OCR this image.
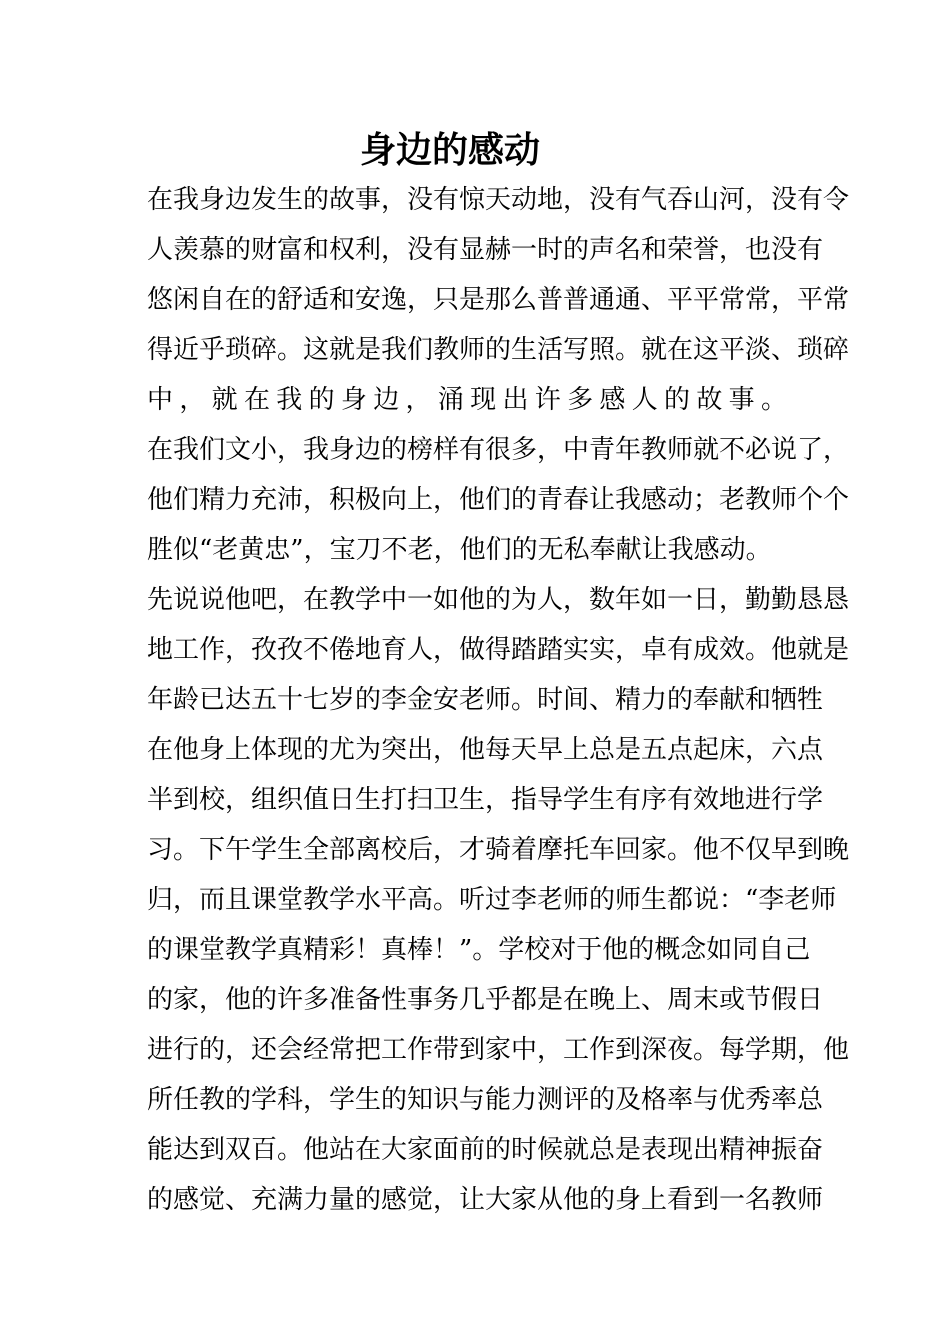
身边的感动

在我身边发生的故事，没有惊天动地，没有气吞山河，没有令

人羡慕的财富和权利，没有显赫一时的声名和荣誉，也没有

悠闲自在的舒适和安逸，只是那么普普通通、平平常常，平常

得近乎琐碎。这就是我们教师的生活写照。就在这平淡、琐碎

中，就在我的身边，涌现出许多感人的故事。

在我们文小，我身边的榜样有很多，中青年教师就不必说了，

他们精力充沛，积极向上，他们的青春让我感动；老教师个个

胜似“老黄忠”，宝刀不老，他们的无私奉献让我感动。

先说说他吧，在教学中一如他的为人，数年如一日，勤勤恳恳

地工作，孜孜不倦地育人，做得踏踏实实，卓有成效。他就是

年龄已达五十七岁的李金安老师。时间、精力的奉献和牺牲

在他身上体现的尤为突出，他每天早上总是五点起床，六点

半到校，组织值日生打扫卫生，指导学生有序有效地进行学

习。下午学生全部离校后，才骑着摩托车回家。他不仅早到晚

归，而且课堂教学水平高。听过李老师的师生都说：“李老师

的课堂教学真精彩！真棒！”。学校对于他的概念如同自己

的家，他的许多准备性事务几乎都是在晚上、周末或节假日

进行的，还会经常把工作带到家中，工作到深夜。每学期，他

所任教的学科，学生的知识与能力测评的及格率与优秀率总

能达到双百。他站在大家面前的时候就总是表现出精神振奋

的感觉、充满力量的感觉，让大家从他的身上看到一名教师
